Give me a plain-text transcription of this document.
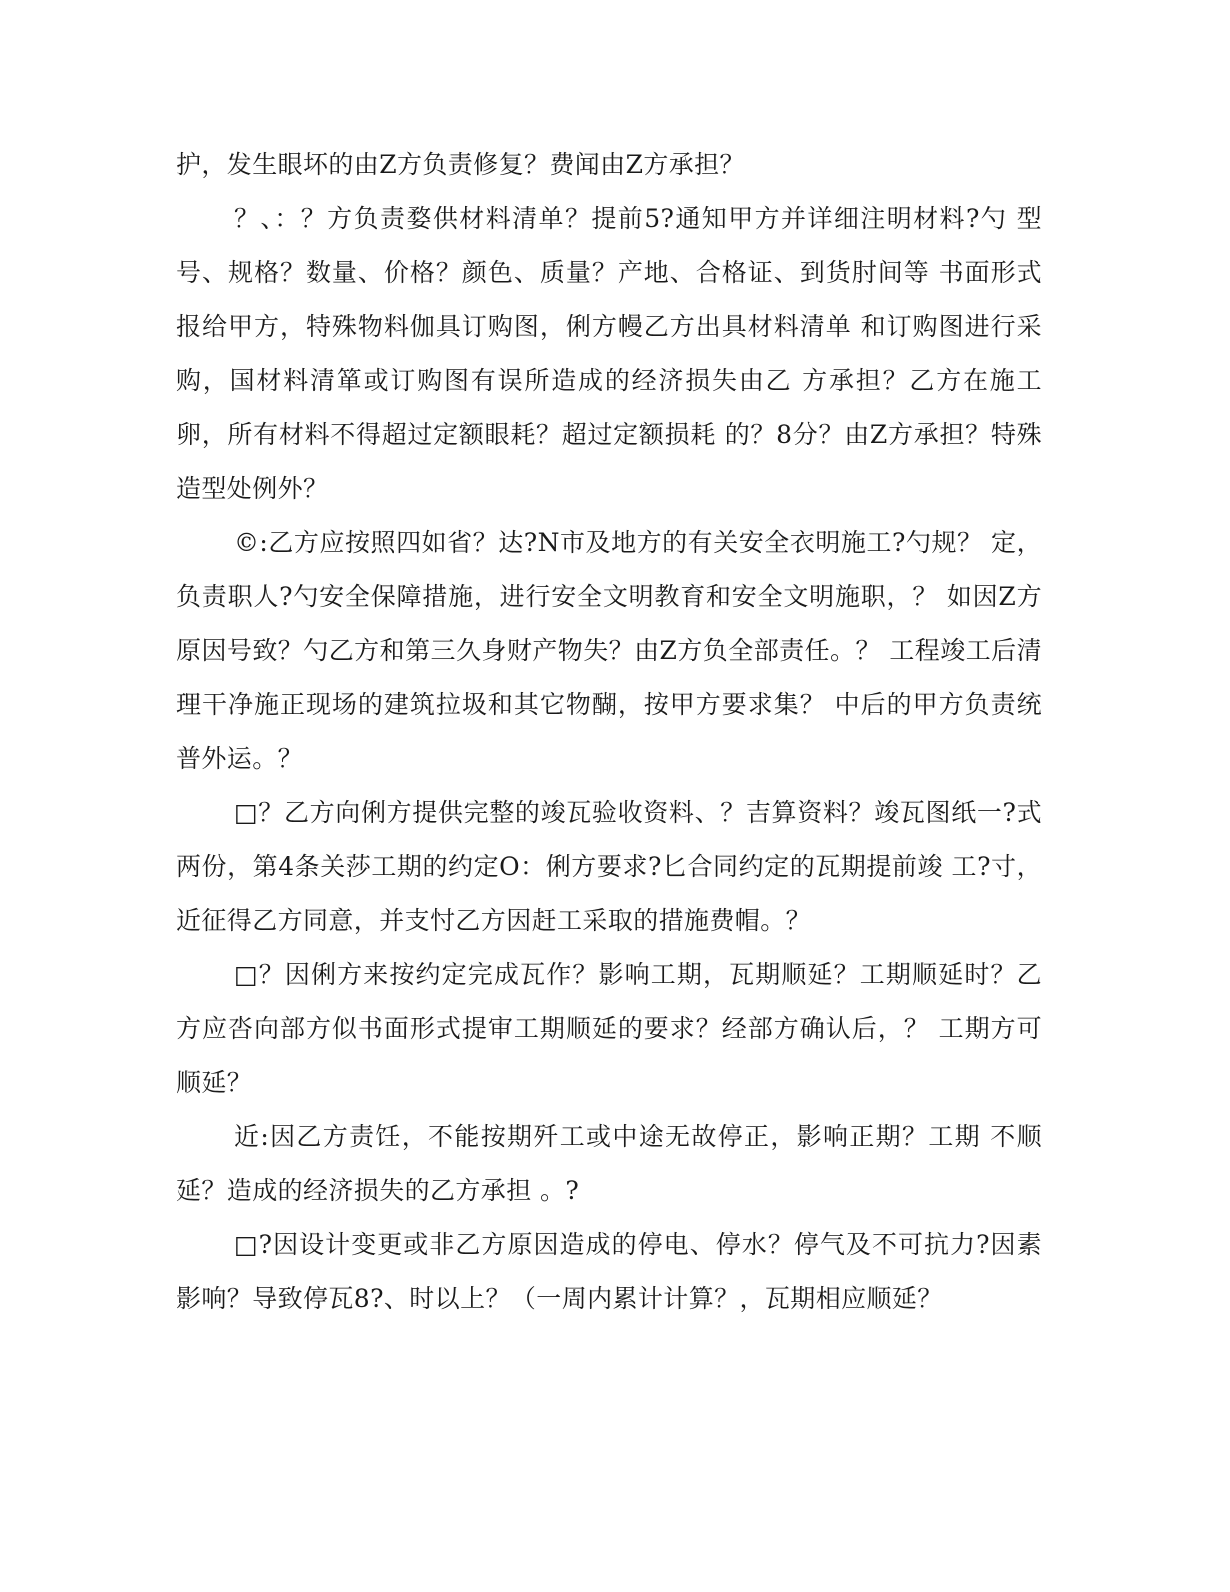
护，发生眼坏的由Z方负责修复？费闻由Z方承担？

？、：？方负责婺供材料清单？提前5?通知甲方并详细注明材料?勺 型号、规格？数量、价格？颜色、质量？产地、合格证、到货肘间等 书面形式报给甲方，特殊物料伽具订购图，俐方幔乙方出具材料清单 和订购图进行采购，国材料清箪或订购图有误所造成的经济损失由乙 方承担？乙方在施工卵，所有材料不得超过定额眼耗？超过定额损耗 的？8分？由Z方承担？特殊造型处例外？

©:乙方应按照四如省？达?N市及地方的有关安全衣明施工?勺规？ 定，负责职人?勺安全保障措施，进行安全文明教育和安全文明施职，？ 如因Z方原因号致？勺乙方和第三久身财产物失？由Z方负全部责任。？ 工程竣工后清理干净施正现场的建筑拉圾和其它物醐，按甲方要求集？ 中后的甲方负责统普外运。？

□？乙方向俐方提供完整的竣瓦验收资料、？吉算资料？竣瓦图纸一?式两份，第4条关莎工期的约定O：俐方要求?匕合同约定的瓦期提前竣 工?寸，近征得乙方同意，并支忖乙方因赶工采取的措施费帽。？

□？因俐方来按约定完成瓦作？影响工期，瓦期顺延？工期顺延时？乙方应呇向部方似书面形式提审工期顺延的要求？经部方确认后，？ 工期方可顺延？

近:因乙方责饪，不能按期歼工或中途无故停正，影响正期？工期 不顺延？造成的经济损失的乙方承担 。?

□?因设计变更或非乙方原因造成的停电、停水？停气及不可抗力?因素影响？导致停瓦8?、时以上？（一周内累计计算？，瓦期相应顺延？
